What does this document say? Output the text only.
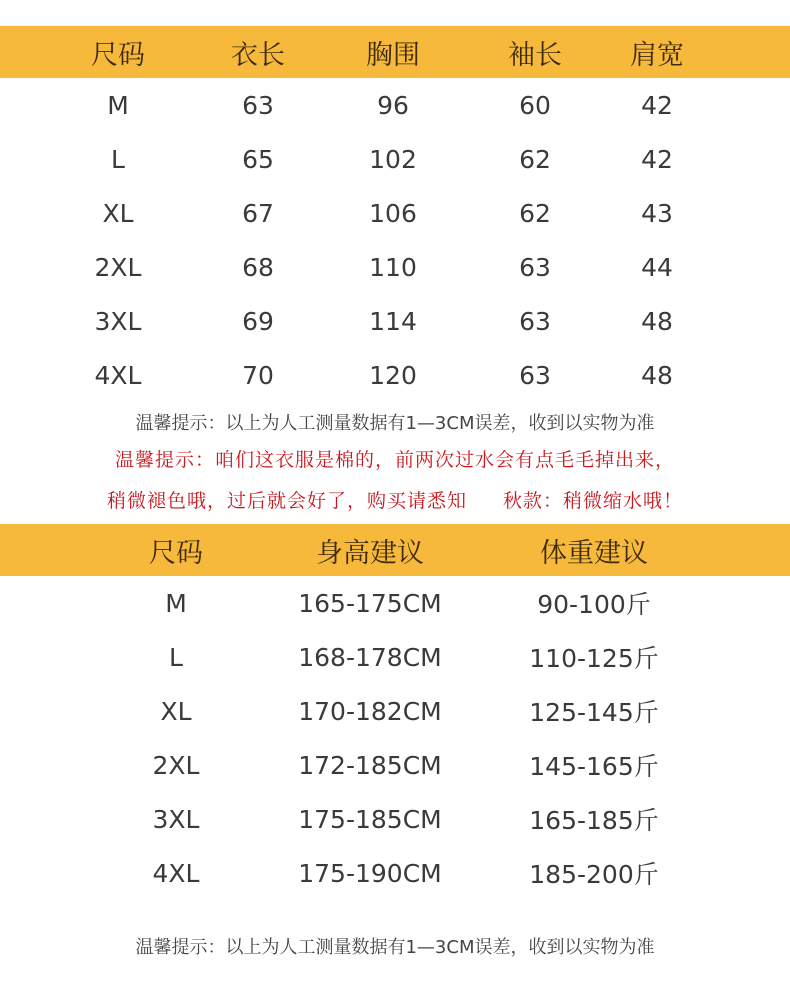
尺码	衣长	胸围	袖长	肩宽
M	63	96	60	42
L	65	102	62	42
XL	67	106	62	43
2XL	68	110	63	44
3XL	69	114	63	48
4XL	70	120	63	48
温馨提示：以上为人工测量数据有1—3CM误差，收到以实物为准
温馨提示：咱们这衣服是棉的，前两次过水会有点毛毛掉出来，
稍微褪色哦，过后就会好了，购买请悉知 秋款：稍微缩水哦！
尺码	身高建议	体重建议
M	165-175CM	90-100斤
L	168-178CM	110-125斤
XL	170-182CM	125-145斤
2XL	172-185CM	145-165斤
3XL	175-185CM	165-185斤
4XL	175-190CM	185-200斤
温馨提示：以上为人工测量数据有1—3CM误差，收到以实物为准
